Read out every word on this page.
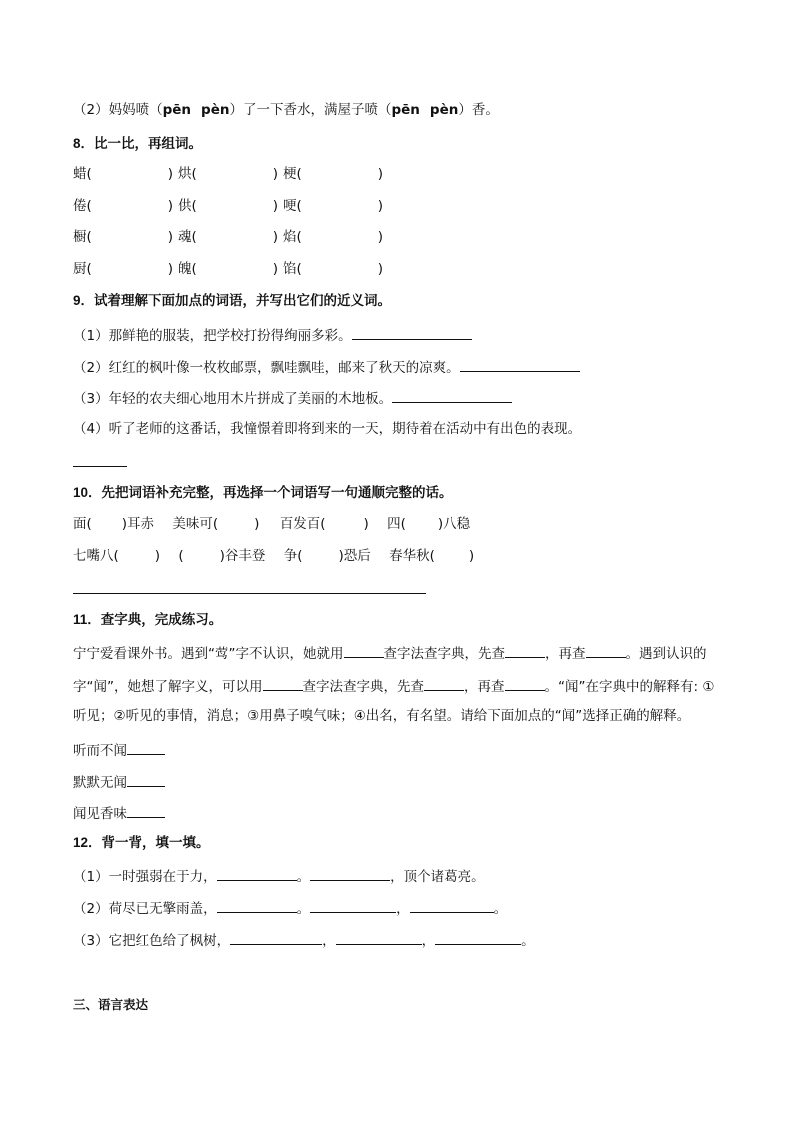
（2）妈妈喷（pēn pèn）了一下香水，满屋子喷（pēn pèn）香。
8．比一比，再组词。
蜡(	) 烘(	) 梗(	)
倦(	) 供(	) 哽(	)
橱(	) 魂(	) 焰(	)
厨(	) 魄(	) 馅(	)
9．试着理解下面加点的词语，并写出它们的近义词。
（1）那鲜艳的服装，把学校打扮得绚丽多彩。
（2）红红的枫叶像一枚枚邮票，飘哇飘哇，邮来了秋天的凉爽。
（3）年轻的农夫细心地用木片拼成了美丽的木地板。
（4）听了老师的这番话，我憧憬着即将到来的一天，期待着在活动中有出色的表现。
10．先把词语补充完整，再选择一个词语写一句通顺完整的话。
面( )耳赤 美味可(	) 百发百(	) 四( )八稳
七嘴八(	) (	)谷丰登 争(	)恐后 春华秋(	)
11．查字典，完成练习。
宁宁爱看课外书。遇到“莺”字不认识，她就用	查字法查字典，先查	，再查	。遇到认识的
字“闻”，她想了解字义，可以用	查字法查字典，先查	，再查	。“闻”在字典中的解释有: ①
听见；②听见的事情，消息；③用鼻子嗅气味；④出名，有名望。请给下面加点的“闻”选择正确的解释。
听而不闻
默默无闻
闻见香味
12．背一背，填一填。
（1）一时强弱在于力，	。	，顶个诸葛亮。
（2）荷尽已无擎雨盖，	。	，	。
（3）它把红色给了枫树，	，	，	。
三、语言表达
